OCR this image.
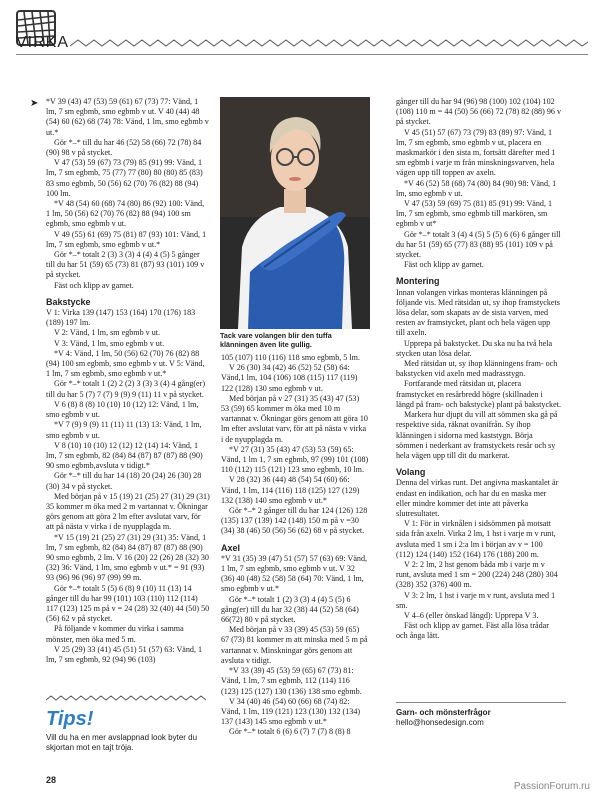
VIRKA
➤ *V 39 (43) 47 (53) 59 (61) 67 (73) 77: Vänd, 1 lm, 7 sm egbmb, smo egbmb v ut. V 40 (44) 48 (54) 60 (62) 68 (74) 78: Vänd, 1 lm, smo egbmb v ut.*

Gör *–* till du har 46 (52) 58 (66) 72 (78) 84 (90) 98 v på stycket.

V 47 (53) 59 (67) 73 (79) 85 (91) 99: Vänd, 1 lm, 7 sm egbmb, 75 (77) 77 (80) 80 (80) 85 (83) 83 smo egbmb, 50 (56) 62 (70) 76 (82) 88 (94) 100 lm.

*V 48 (54) 60 (68) 74 (80) 86 (92) 100: Vänd, 1 lm, 50 (56) 62 (70) 76 (82) 88 (94) 100 sm egbmb, smo egbmb v ut.

V 49 (55) 61 (69) 75 (81) 87 (93) 101: Vänd, 1 lm, 7 sm egbmb, smo egbmb v ut.*

Gör *–* totalt 2 (3) 3 (3) 4 (4) 4 (5) 5 gånger till du har 51 (59) 65 (73) 81 (87) 93 (101) 109 v på stycket.

Fäst och klipp av garnet.

Bakstycke

V 1: Virka 139 (147) 153 (164) 170 (176) 183 (189) 197 lm.

V 2: Vänd, 1 lm, sm egbmb v ut.

V 3: Vänd, 1 lm, smo egbmb v ut.

*V 4: Vänd, 1 lm, 50 (56) 62 (70) 76 (82) 88 (94) 100 sm egbmb, smo egbmb v ut. V 5: Vänd, 1 lm, 7 sm egbmb, smo egbmb v ut.*

Gör *–* totalt 1 (2) 2 (2) 3 (3) 3 (4) 4 gång(er) till du har 5 (7) 7 (7) 9 (9) 9 (11) 11 v på stycket.

V 6 (8) 8 (8) 10 (10) 10 (12) 12: Vänd, 1 lm, smo egbmb v ut.

*V 7 (9) 9 (9) 11 (11) 11 (13) 13: Vänd, 1 lm, smo egbmb v ut.

V 8 (10) 10 (10) 12 (12) 12 (14) 14: Vänd, 1 lm, 7 sm egbmb, 82 (84) 84 (87) 87 (87) 88 (90) 90 smo egbmb,avsluta v tidigt.*

Gör *–* till du har 14 (18) 20 (24) 26 (30) 28 (30) 34 v på stycket.

Med början på v 15 (19) 21 (25) 27 (31) 29 (31) 35 kommer m öka med 2 m vartannat v. Ökningar görs genom att göra 2 lm efter avslutat varv, för att på nästa v virka i de nyupplagda m.

*V 15 (19) 21 (25) 27 (31) 29 (31) 35: Vänd, 1 lm, 7 sm egbmb, 82 (84) 84 (87) 87 (87) 88 (90) 90 smo egbmb, 2 lm. V 16 (20) 22 (26) 28 (32) 30 (32) 36: Vänd, 1 lm, smo egbmb v ut.* = 91 (93) 93 (96) 96 (96) 97 (99) 99 m.

Gör *–* totalt 5 (5) 6 (8) 9 (10) 11 (13) 14 gånger till du har 99 (101) 103 (110) 112 (114) 117 (123) 125 m på v = 24 (28) 32 (40) 44 (50) 50 (56) 62 v på stycket.

På följande v kommer du virka i samma mönster, men öka med 5 m.

V 25 (29) 33 (41) 45 (51) 51 (57) 63: Vänd, 1 lm, 7 sm egbmb, 92 (94) 96 (103)

105 (107) 110 (116) 118 smo egbmb, 5 lm.

V 26 (30) 34 (42) 46 (52) 52 (58) 64: Vänd,1 lm, 104 (106) 108 (115) 117 (119) 122 (128) 130 smo egbmb v ut.

Med början på v 27 (31) 35 (43) 47 (53) 53 (59) 65 kommer m öka med 10 m vartannat v. Ökningar görs genom att göra 10 lm efter avslutat varv, för att på nästa v virka i de nyupplagda m.

*V 27 (31) 35 (43) 47 (53) 53 (59) 65: Vänd, 1 lm 1, 7 sm egbmb, 97 (99) 101 (108) 110 (112) 115 (121) 123 smo egbmb, 10 lm.

V 28 (32) 36 (44) 48 (54) 54 (60) 66: Vänd, 1 lm, 114 (116) 118 (125) 127 (129) 132 (138) 140 smo egbmb v ut.*

Gör *–* 2 gånger till du har 124 (126) 128 (135) 137 (139) 142 (148) 150 m på v =30 (34) 38 (46) 50 (56) 56 (62) 68 v på stycket.

Axel

*V 31 (35) 39 (47) 51 (57) 57 (63) 69: Vänd, 1 lm, 7 sm egbmb, smo egbmb v ut. V 32 (36) 40 (48) 52 (58) 58 (64) 70: Vänd, 1 lm, smo egbmb v ut.*

Gör *–* totalt 1 (2) 3 (3) 4 (4) 5 (5) 6 gång(er) till du har 32 (38) 44 (52) 58 (64) 66(72) 80 v på stycket.

Med början på v 33 (39) 45 (53) 59 (65) 67 (73) 81 kommer m att minska med 5 m på vartannat v. Minskningar görs genom att avsluta v tidigt.

*V 33 (39) 45 (53) 59 (65) 67 (73) 81: Vänd, 1 lm, 7 sm egbmb, 112 (114) 116 (123) 125 (127) 130 (136) 138 smo egbmb.

V 34 (40) 46 (54) 60 (66) 68 (74) 82: Vänd, 1 lm, 119 (121) 123 (130) 132 (134) 137 (143) 145 smo egbmb v ut.*

Gör *–* totalt 6 (6) 6 (7) 7 (7) 8 (8) 8

gånger till du har 94 (96) 98 (100) 102 (104) 102 (108) 110 m = 44 (50) 56 (66) 72 (78) 82 (88) 96 v på stycket.

V 45 (51) 57 (67) 73 (79) 83 (89) 97: Vänd, 1 lm, 7 sm egbmb, smo egbmb v ut, placera en maskmarkör i den sista m, fortsätt därefter med 1 sm egbmb i varje m från minskningsvarven, hela vägen upp till toppen av axeln.

*V 46 (52) 58 (68) 74 (80) 84 (90) 98: Vänd, 1 lm, smo egbmb v ut.

V 47 (53) 59 (69) 75 (81) 85 (91) 99: Vänd, 1 lm, 7 sm egbmb, smo egbmb till markören, sm egbmb v ut*

Gör *–* totalt 3 (4) 4 (5) 5 (5) 6 (6) 6 gånger till du har 51 (59) 65 (77) 83 (88) 95 (101) 109 v på stycket.

Fäst och klipp av garnet.

Montering

Innan volangen virkas monteras klänningen på följande vis. Med rätsidan ut, sy ihop framstyckets lösa delar, som skapats av de sista varven, med resten av framstycket, plant och hela vägen upp till axeln.

Upprepa på bakstycket. Du ska nu ha två hela stycken utan lösa delar.

Med rätsidan ut, sy ihop klänningens fram- och bakstycken vid axeln med madrasstygn.

Fortfarande med rätsidan ut, placera framstycket en resårbredd högre (skillnaden i längd på fram- och bakstycke) plant på bakstycket.

Markera hur djupt du vill att sömmen ska gå på respektive sida, räknat ovanifrån. Sy ihop klänningen i sidorna med kaststygn. Börja sömmen i nederkant av framstyckets resår och sy hela vägen upp till dit du markerat.

Volang

Denna del virkas runt. Det angivna maskantalet är endast en indikation, och har du en maska mer eller mindre kommer det inte att påverka slutresultatet.

V 1: För in virknålen i sidsömmen på motsatt sida från axeln. Virka 2 lm, 1 hst i varje m v runt, avsluta med 1 sm i 2:a lm i början av v = 100 (112) 124 (140) 152 (164) 176 (188) 200 m.

V 2: 2 lm, 2 hst genom båda mb i varje m v runt, avsluta med 1 sm = 200 (224) 248 (280) 304 (328) 352 (376) 400 m.

V 3: 2 lm, 1 hst i varje m v runt, avsluta med 1 sm.

V 4–6 (eller önskad längd): Upprepa V 3.

Fäst och klipp av garnet. Fäst alla lösa trådar och ånga lätt.

Tack vare volangen blir den tuffa klänningen även lite gullig.
Tips!
Vill du ha en mer avslappnad look byter du skjortan mot en tajt tröja.
Garn- och mönsterfrågor
hello@honsedesign.com
28
PassionForum.ru
